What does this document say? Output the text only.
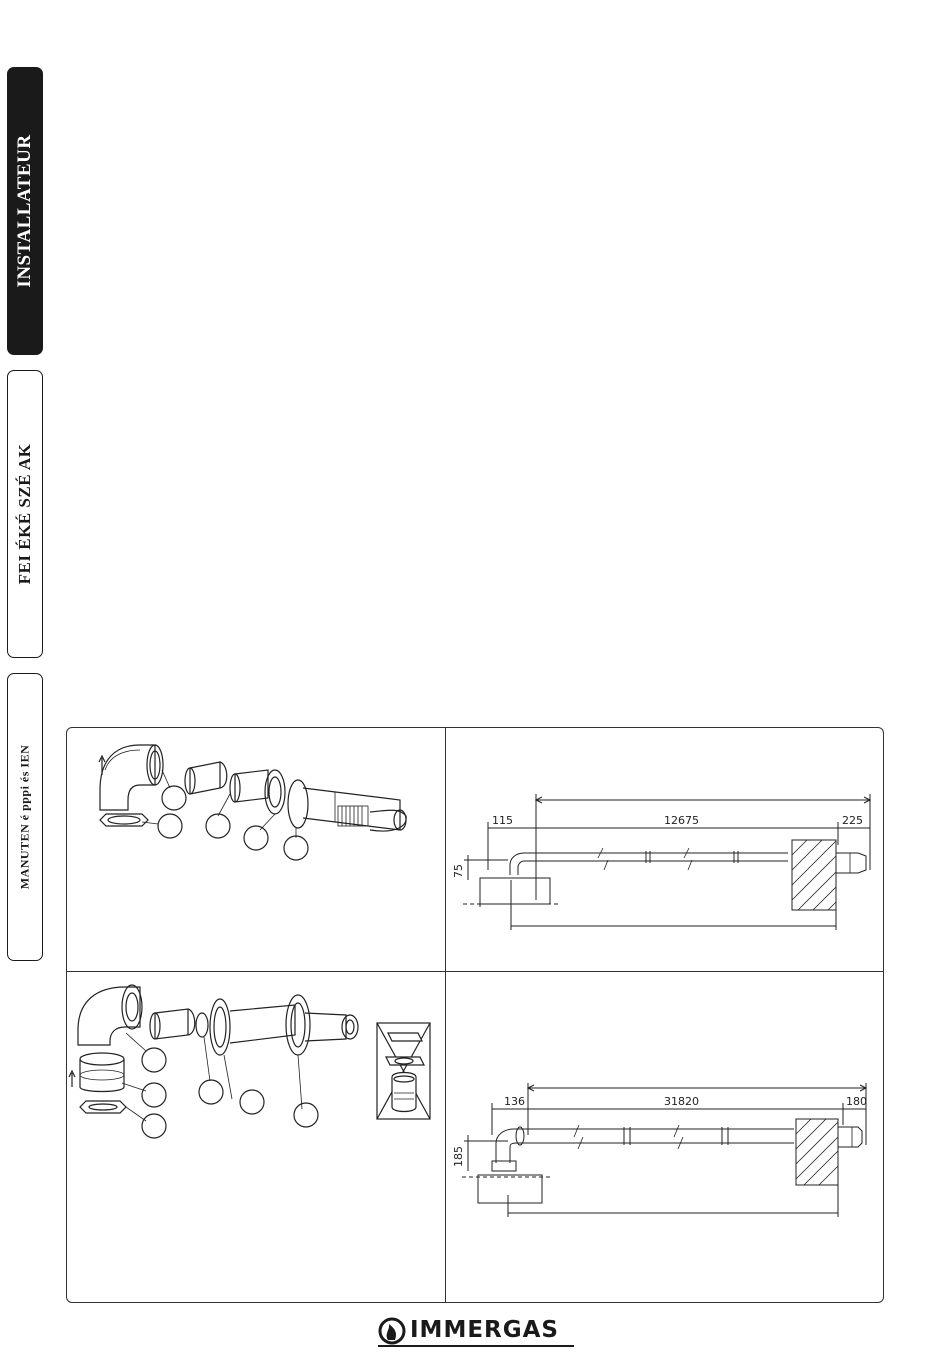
INSTALLATEUR
FEI ÉKÉ SZÉ AK
MANUTEN é pppi és IEN	115	12675	225
75
136	31820	180
185
IMMERGAS
